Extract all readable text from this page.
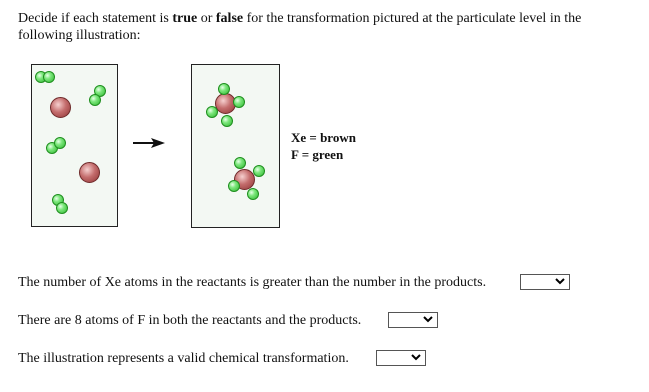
Decide if each statement is true or false for the transformation pictured at the particulate level in the following illustration:
Xe = brown
F = green
The number of Xe atoms in the reactants is greater than the number in the products.
There are 8 atoms of F in both the reactants and the products.
The illustration represents a valid chemical transformation.
